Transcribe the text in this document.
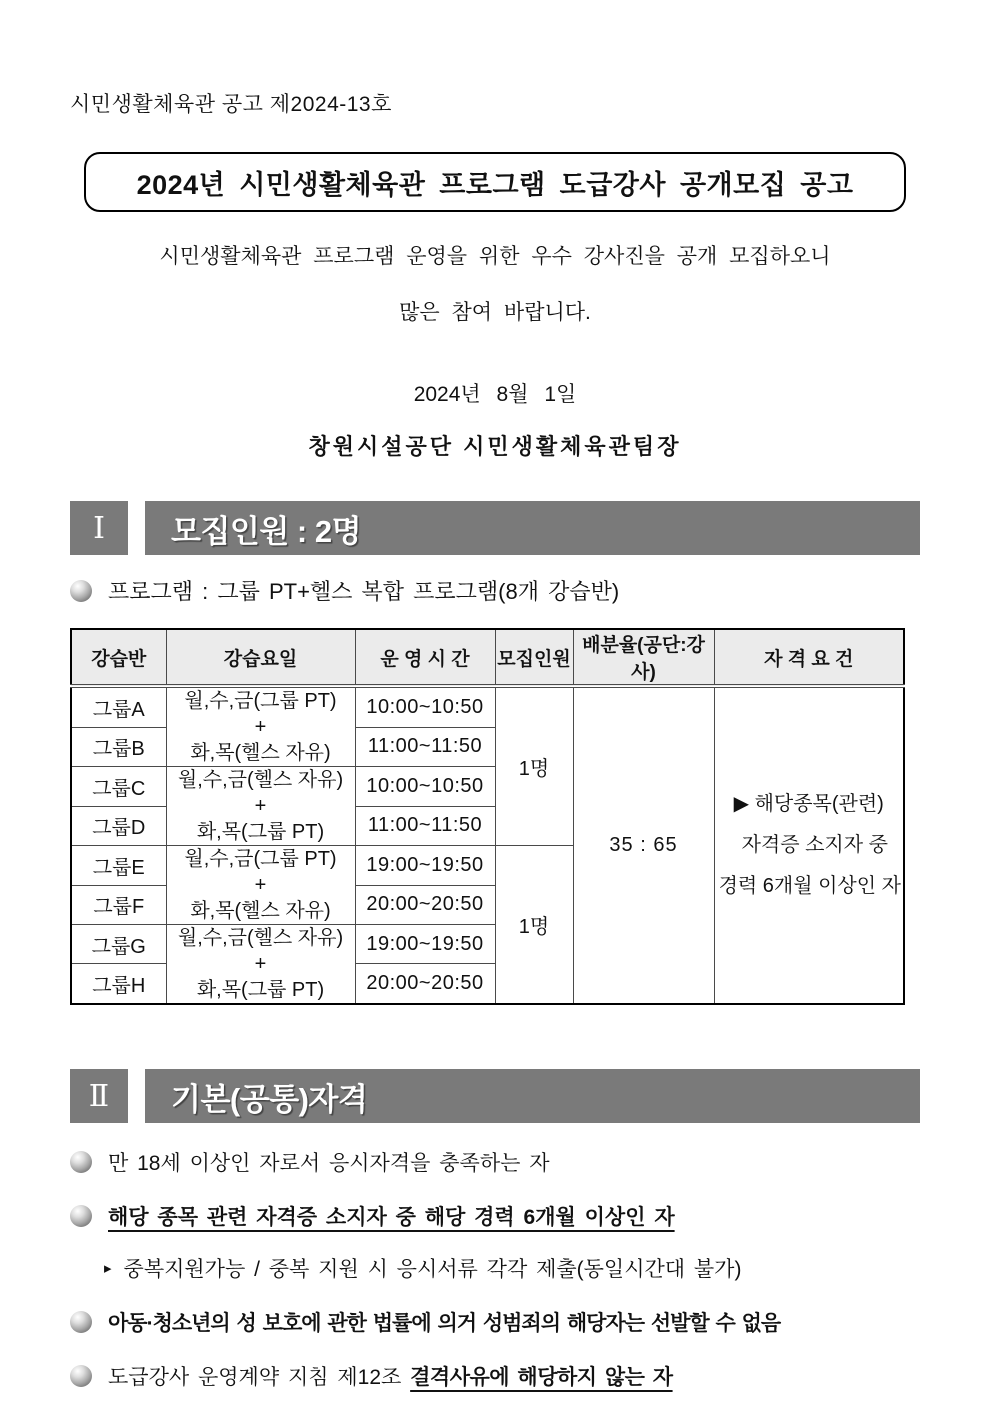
시민생활체육관 공고 제2024-13호
2024년 시민생활체육관 프로그램 도급강사 공개모집 공고
시민생활체육관 프로그램 운영을 위한 우수 강사진을 공개 모집하오니
많은 참여 바랍니다.
2024년 8월 1일
창원시설공단 시민생활체육관팀장
Ⅰ	모집인원 : 2명
프로그램 : 그룹 PT+헬스 복합 프로그램(8개 강습반)
강습반	강습요일	운 영 시 간	모집인원	배분율(공단:강사)	자 격 요 건
그룹A	월,수,금(그룹 PT)
+
화,목(헬스 자유)
	10:00~10:50	1명	35 : 65	
▶ 해당종목(관련)
자격증 소지자 중
경력 6개월 이상인 자

그룹B		11:00~11:50			
그룹C	월,수,금(헬스 자유)
+
화,목(그룹 PT)	10:00~10:50			
그룹D		11:00~11:50			
그룹E	월,수,금(그룹 PT)
+
화,목(헬스 자유)	19:00~19:50	1명		
그룹F		20:00~20:50			
그룹G	월,수,금(헬스 자유)
+
화,목(그룹 PT)	19:00~19:50			
그룹H		20:00~20:50			
Ⅱ	기본(공통)자격
만 18세 이상인 자로서 응시자격을 충족하는 자
해당 종목 관련 자격증 소지자 중 해당 경력 6개월 이상인 자
▸ 중복지원가능 / 중복 지원 시 응시서류 각각 제출(동일시간대 불가)
아동·청소년의 성 보호에 관한 법률에 의거 성범죄의 해당자는 선발할 수 없음
도급강사 운영계약 지침 제12조 결격사유에 해당하지 않는 자
